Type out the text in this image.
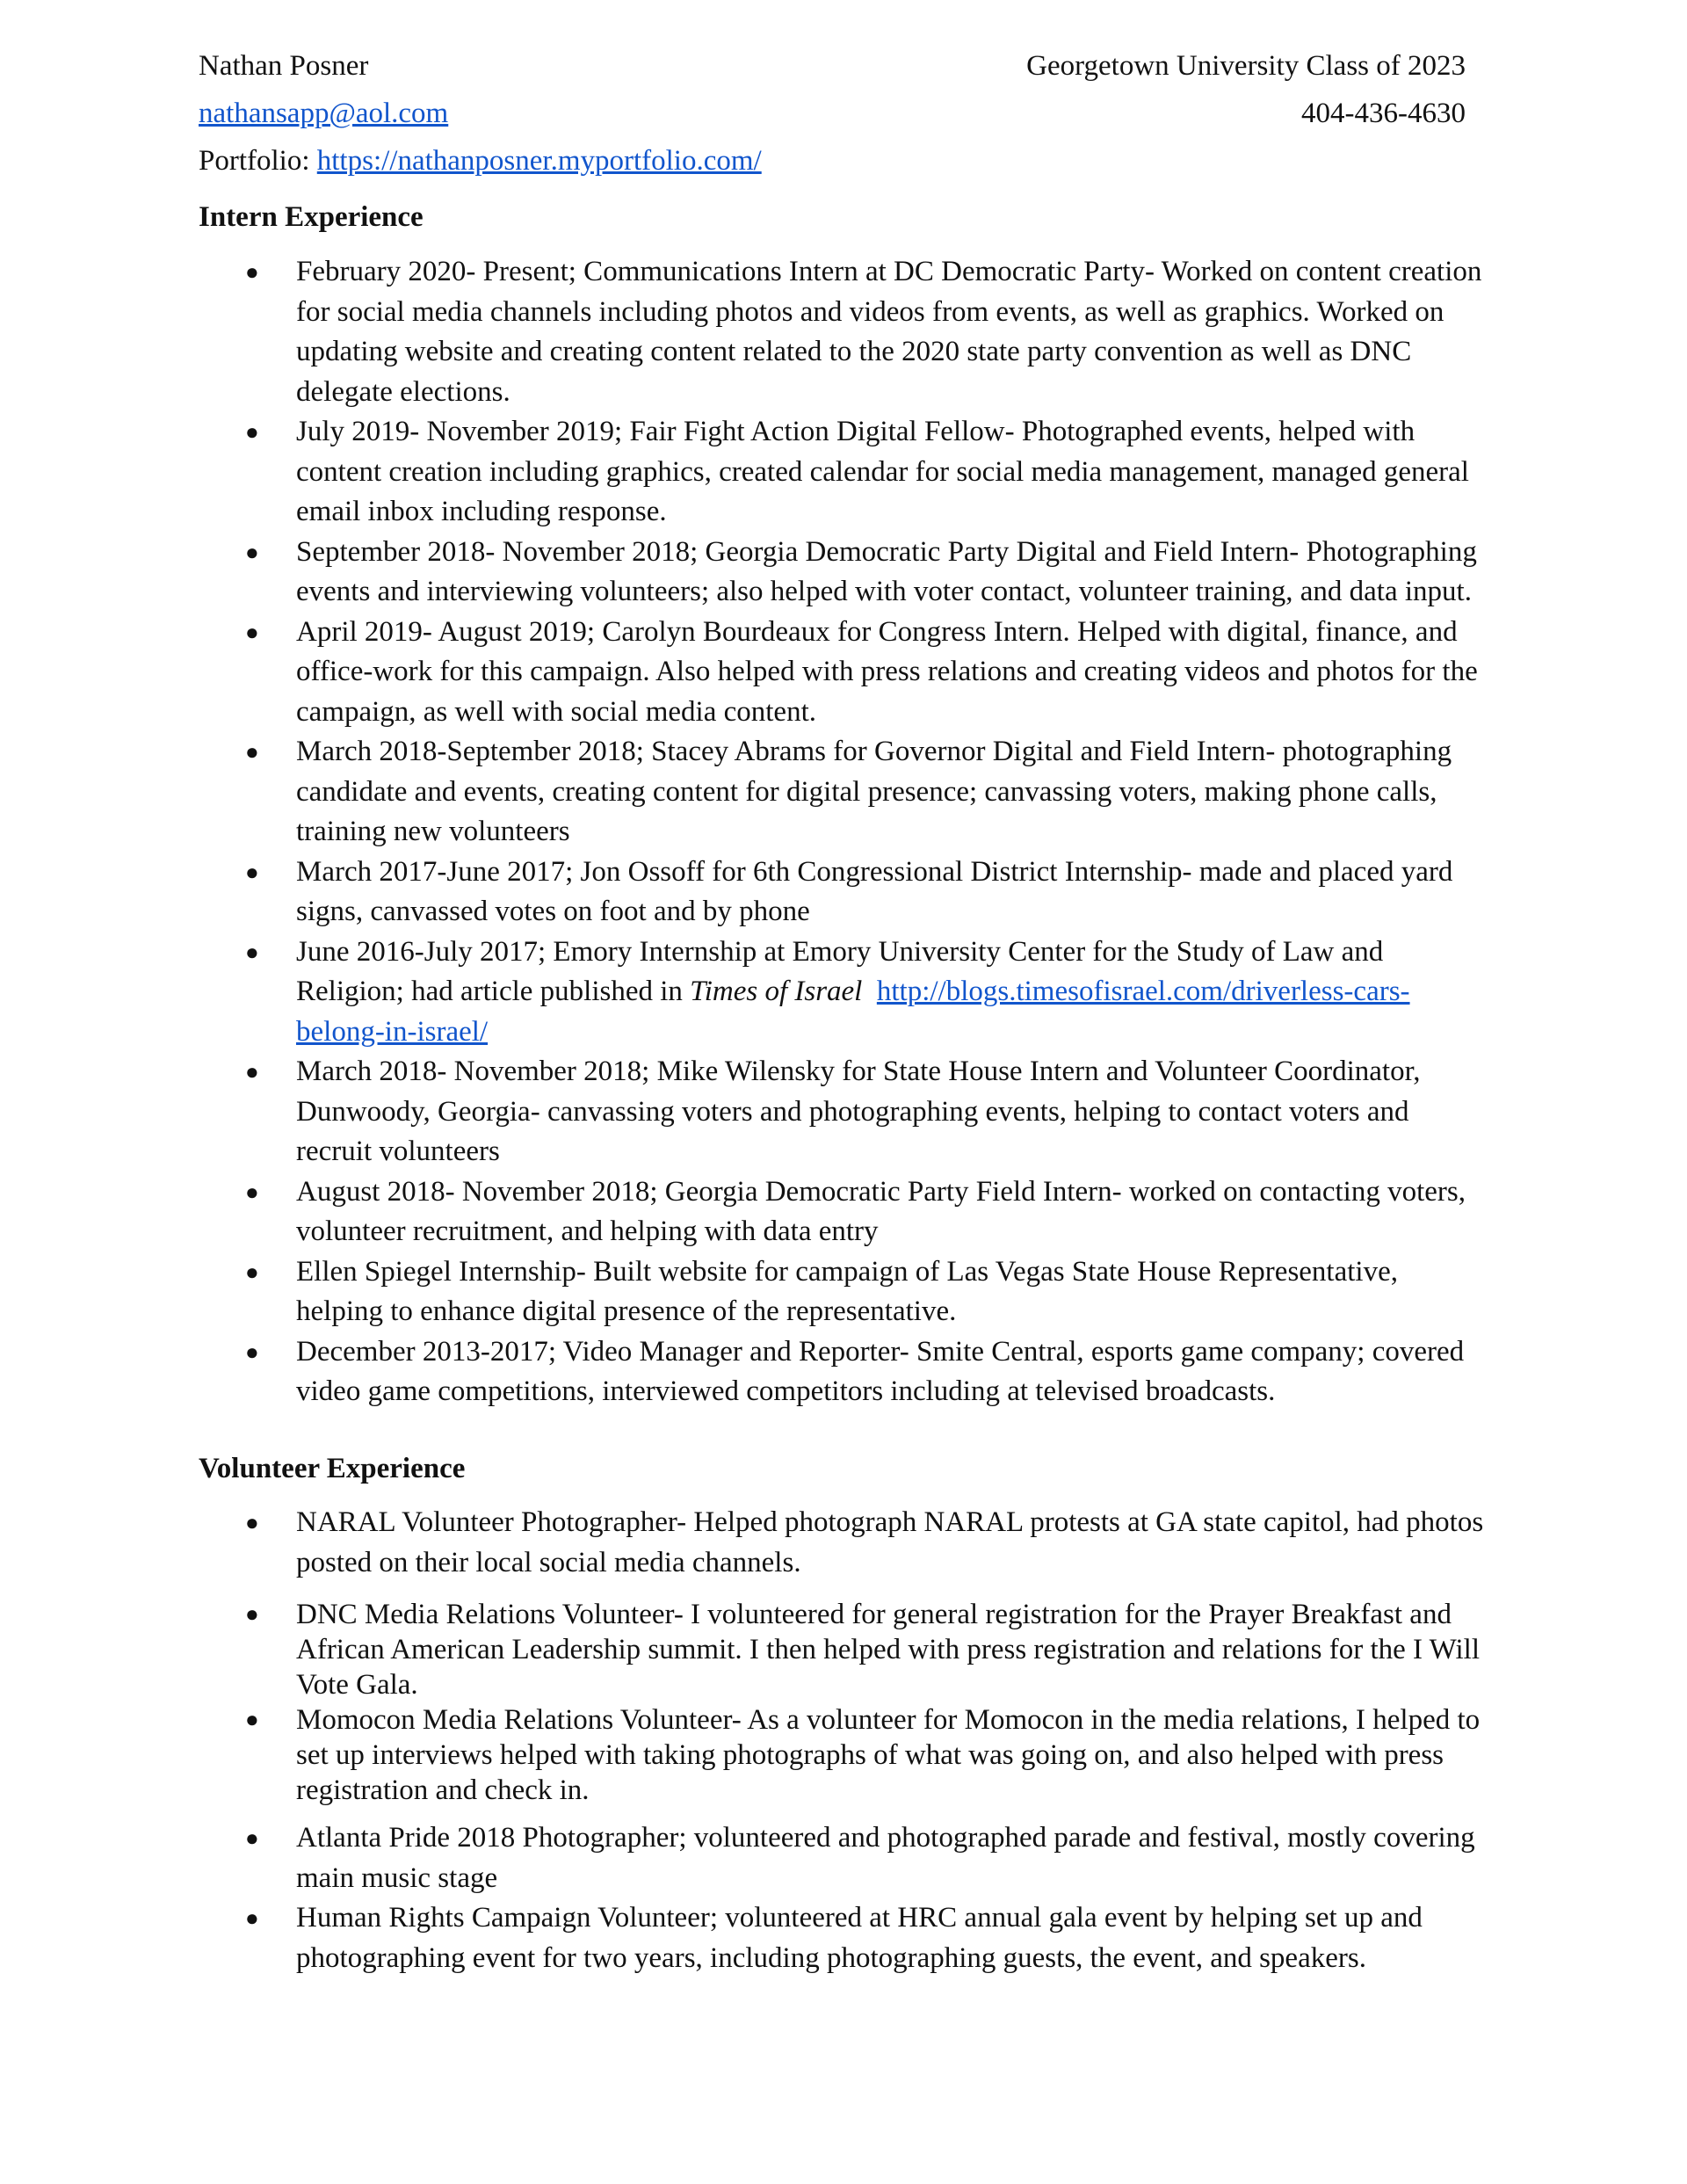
Nathan Posner	Georgetown University Class of 2023
nathansapp@aol.com	404-436-4630
Portfolio: https://nathanposner.myportfolio.com/
Intern Experience
● February 2020- Present; Communications Intern at DC Democratic Party- Worked on content creation for social media channels including photos and videos from events, as well as graphics. Worked on updating website and creating content related to the 2020 state party convention as well as DNC delegate elections.
● July 2019- November 2019; Fair Fight Action Digital Fellow- Photographed events, helped with content creation including graphics, created calendar for social media management, managed general email inbox including response.
● September 2018- November 2018; Georgia Democratic Party Digital and Field Intern- Photographing events and interviewing volunteers; also helped with voter contact, volunteer training, and data input.
● April 2019- August 2019; Carolyn Bourdeaux for Congress Intern. Helped with digital, finance, and office-work for this campaign. Also helped with press relations and creating videos and photos for the campaign, as well with social media content.
● March 2018-September 2018; Stacey Abrams for Governor Digital and Field Intern- photographing candidate and events, creating content for digital presence; canvassing voters, making phone calls, training new volunteers
● March 2017-June 2017; Jon Ossoff for 6th Congressional District Internship- made and placed yard signs, canvassed votes on foot and by phone
● June 2016-July 2017; Emory Internship at Emory University Center for the Study of Law and Religion; had article published in Times of Israel http://blogs.timesofisrael.com/driverless-cars-belong-in-israel/
● March 2018- November 2018; Mike Wilensky for State House Intern and Volunteer Coordinator, Dunwoody, Georgia- canvassing voters and photographing events, helping to contact voters and recruit volunteers
● August 2018- November 2018; Georgia Democratic Party Field Intern- worked on contacting voters, volunteer recruitment, and helping with data entry
● Ellen Spiegel Internship- Built website for campaign of Las Vegas State House Representative, helping to enhance digital presence of the representative.
● December 2013-2017; Video Manager and Reporter- Smite Central, esports game company; covered video game competitions, interviewed competitors including at televised broadcasts.
Volunteer Experience
● NARAL Volunteer Photographer- Helped photograph NARAL protests at GA state capitol, had photos posted on their local social media channels.
● DNC Media Relations Volunteer- I volunteered for general registration for the Prayer Breakfast and African American Leadership summit. I then helped with press registration and relations for the I Will Vote Gala.
● Momocon Media Relations Volunteer- As a volunteer for Momocon in the media relations, I helped to set up interviews helped with taking photographs of what was going on, and also helped with press registration and check in.
● Atlanta Pride 2018 Photographer; volunteered and photographed parade and festival, mostly covering main music stage
● Human Rights Campaign Volunteer; volunteered at HRC annual gala event by helping set up and photographing event for two years, including photographing guests, the event, and speakers.
